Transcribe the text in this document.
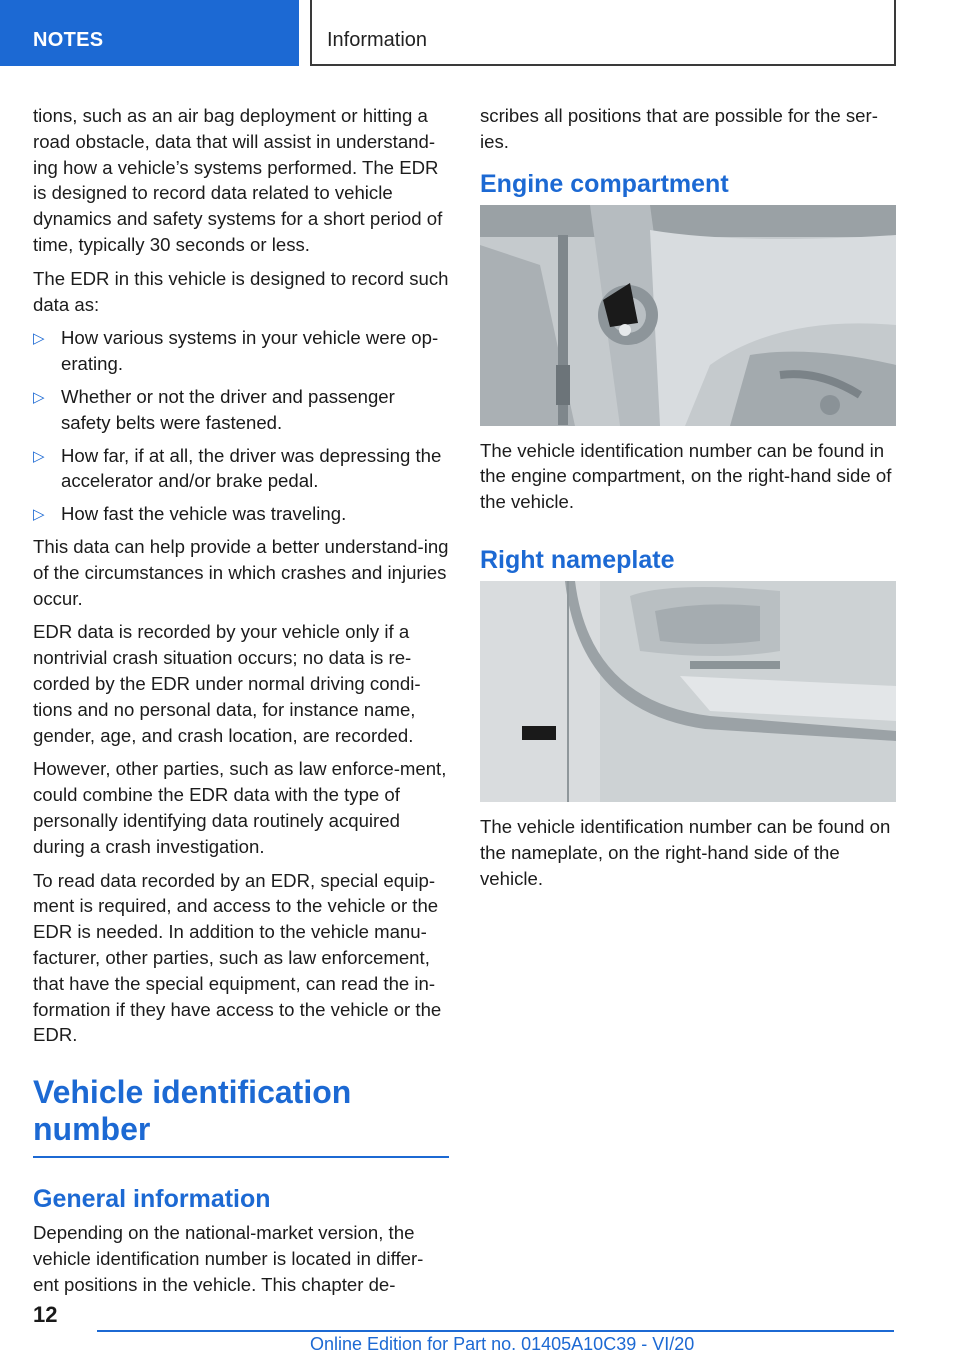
NOTES	Information

tions, such as an air bag deployment or hitting a road obstacle, data that will assist in understand-ing how a vehicle’s systems performed. The EDR is designed to record data related to vehicle dynamics and safety systems for a short period of time, typically 30 seconds or less.

The EDR in this vehicle is designed to record such data as:

▷ How various systems in your vehicle were op-erating.
▷ Whether or not the driver and passenger safety belts were fastened.
▷ How far, if at all, the driver was depressing the accelerator and/or brake pedal.
▷ How fast the vehicle was traveling.

This data can help provide a better understand-ing of the circumstances in which crashes and injuries occur.

EDR data is recorded by your vehicle only if a nontrivial crash situation occurs; no data is re-corded by the EDR under normal driving condi-tions and no personal data, for instance name, gender, age, and crash location, are recorded.

However, other parties, such as law enforce-ment, could combine the EDR data with the type of personally identifying data routinely acquired during a crash investigation.

To read data recorded by an EDR, special equip-ment is required, and access to the vehicle or the EDR is needed. In addition to the vehicle manu-facturer, other parties, such as law enforcement, that have the special equipment, can read the in-formation if they have access to the vehicle or the EDR.

Vehicle identification number
General information

Depending on the national-market version, the vehicle identification number is located in differ-ent positions in the vehicle. This chapter de-

scribes all positions that are possible for the ser-ies.

Engine compartment

The vehicle identification number can be found in the engine compartment, on the right-hand side of the vehicle.

Right nameplate

The vehicle identification number can be found on the nameplate, on the right-hand side of the vehicle.

12
Online Edition for Part no. 01405A10C39 - VI/20
